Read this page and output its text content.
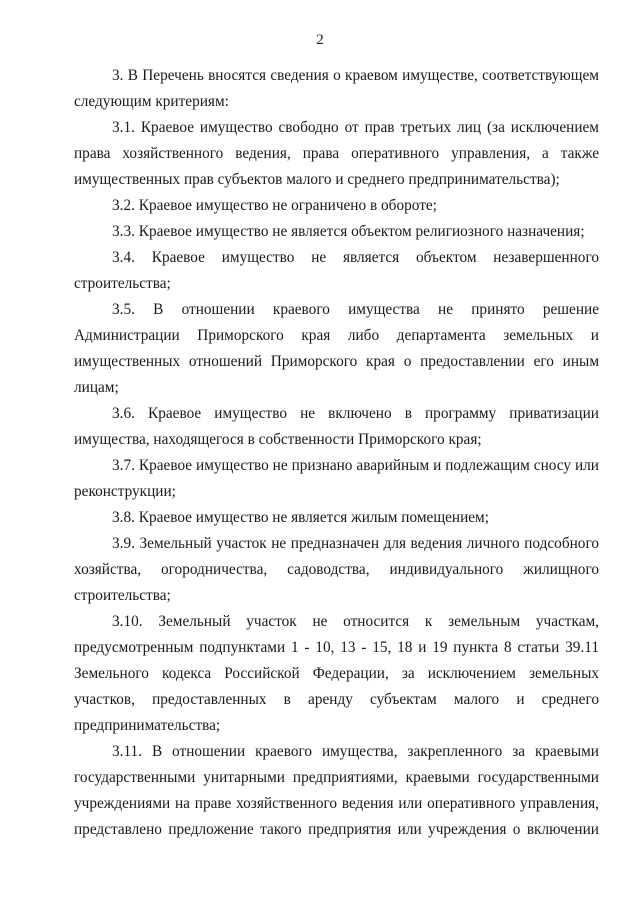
2
3. В Перечень вносятся сведения о краевом имуществе, соответствующем
следующим критериям:
3.1. Краевое имущество свободно от прав третьих лиц (за исключением
права хозяйственного ведения, права оперативного управления, а также
имущественных прав субъектов малого и среднего предпринимательства);
3.2. Краевое имущество не ограничено в обороте;
3.3. Краевое имущество не является объектом религиозного назначения;
3.4. Краевое имущество не является объектом незавершенного
строительства;
3.5. В отношении краевого имущества не принято решение
Администрации Приморского края либо департамента земельных и
имущественных отношений Приморского края о предоставлении его иным
лицам;
3.6. Краевое имущество не включено в программу приватизации
имущества, находящегося в собственности Приморского края;
3.7. Краевое имущество не признано аварийным и подлежащим сносу или
реконструкции;
3.8. Краевое имущество не является жилым помещением;
3.9. Земельный участок не предназначен для ведения личного подсобного
хозяйства, огородничества, садоводства, индивидуального жилищного
строительства;
3.10. Земельный участок не относится к земельным участкам,
предусмотренным подпунктами 1 - 10, 13 - 15, 18 и 19 пункта 8 статьи 39.11
Земельного кодекса Российской Федерации, за исключением земельных
участков, предоставленных в аренду субъектам малого и среднего
предпринимательства;
3.11. В отношении краевого имущества, закрепленного за краевыми
государственными унитарными предприятиями, краевыми государственными
учреждениями на праве хозяйственного ведения или оперативного управления,
представлено предложение такого предприятия или учреждения о включении
